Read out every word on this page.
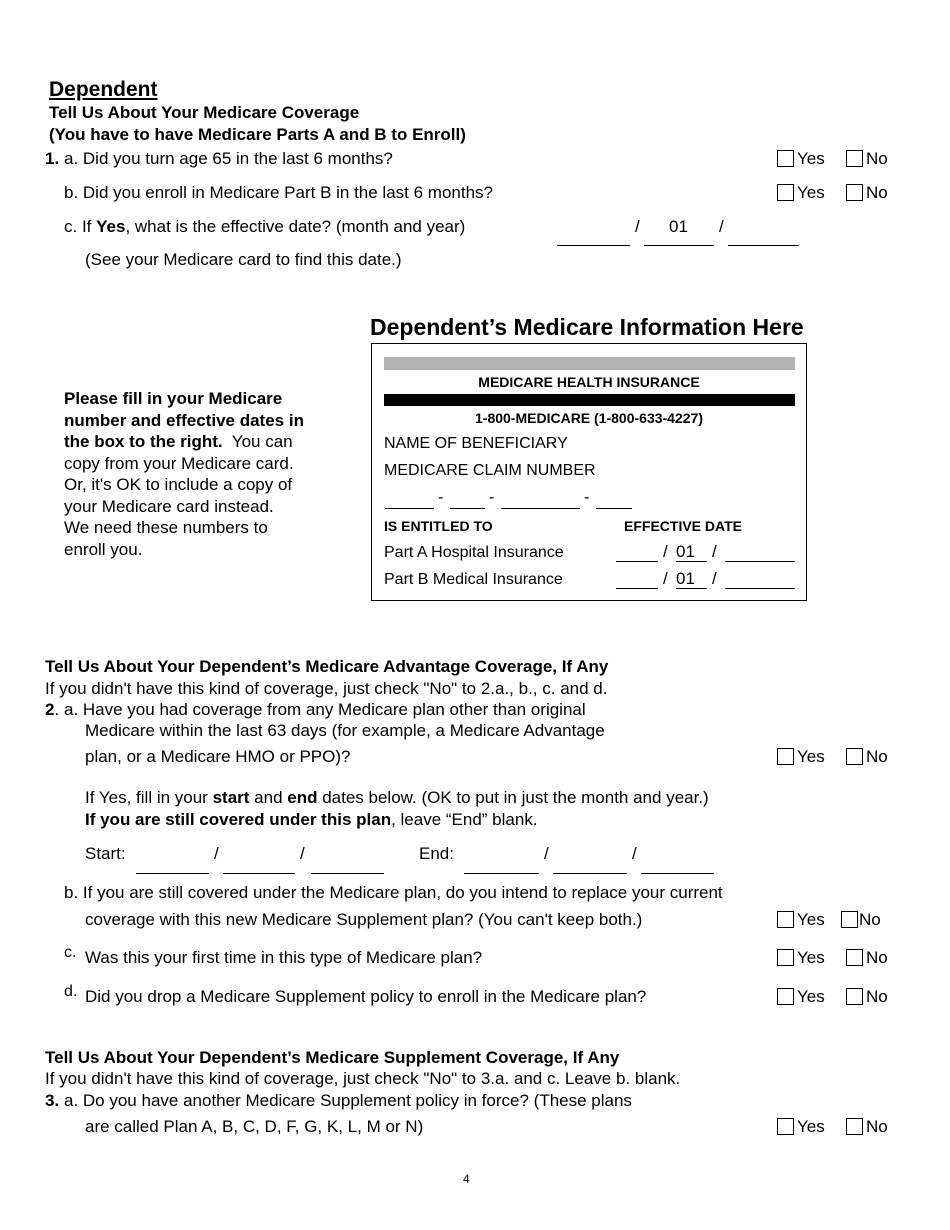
Dependent
Tell Us About Your Medicare Coverage
(You have to have Medicare Parts A and B to Enroll)
1. a. Did you turn age 65 in the last 6 months?	Yes No
b. Did you enroll in Medicare Part B in the last 6 months?	Yes No
c. If Yes, what is the effective date? (month and year)	/ 01 /
(See your Medicare card to find this date.)
Dependent’s Medicare Information Here
Please fill in your Medicare
number and effective dates in
the box to the right. You can
copy from your Medicare card.
Or, it's OK to include a copy of
your Medicare card instead.
We need these numbers to
enroll you.
MEDICARE HEALTH INSURANCE
1-800-MEDICARE (1-800-633-4227)
NAME OF BENEFICIARY
MEDICARE CLAIM NUMBER
-	-	-
IS ENTITLED TO	EFFECTIVE DATE
Part A Hospital Insurance	/ 01 /
Part B Medical Insurance	/ 01 /
Tell Us About Your Dependent’s Medicare Advantage Coverage, If Any
If you didn't have this kind of coverage, just check "No" to 2.a., b., c. and d.
2. a. Have you had coverage from any Medicare plan other than original
Medicare within the last 63 days (for example, a Medicare Advantage
plan, or a Medicare HMO or PPO)?	Yes No
If Yes, fill in your start and end dates below. (OK to put in just the month and year.)
If you are still covered under this plan, leave “End” blank.
Start:	/	/	End:	/	/
b. If you are still covered under the Medicare plan, do you intend to replace your current
coverage with this new Medicare Supplement plan? (You can't keep both.)	Yes No
c. Was this your first time in this type of Medicare plan?	Yes No
d. Did you drop a Medicare Supplement policy to enroll in the Medicare plan?	Yes No
Tell Us About Your Dependent’s Medicare Supplement Coverage, If Any
If you didn't have this kind of coverage, just check "No" to 3.a. and c. Leave b. blank.
3. a. Do you have another Medicare Supplement policy in force? (These plans
are called Plan A, B, C, D, F, G, K, L, M or N)	Yes No
4
